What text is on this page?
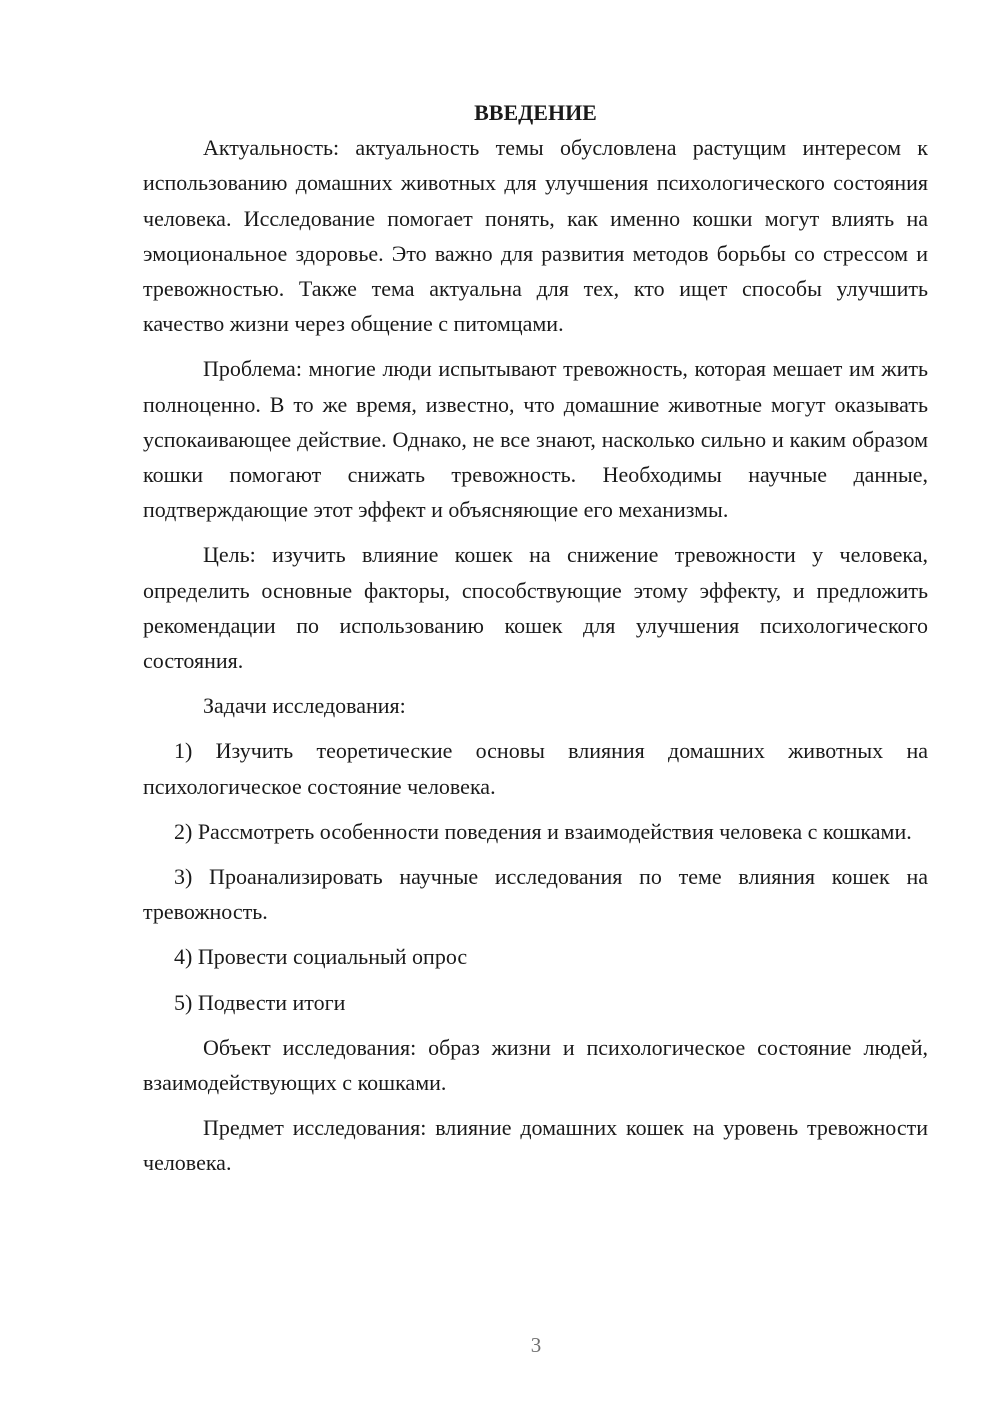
ВВЕДЕНИЕ

Актуальность: актуальность темы обусловлена растущим интересом к использованию домашних животных для улучшения психологического состояния человека. Исследование помогает понять, как именно кошки могут влиять на эмоциональное здоровье. Это важно для развития методов борьбы со стрессом и тревожностью. Также тема актуальна для тех, кто ищет способы улучшить качество жизни через общение с питомцами.

Проблема: многие люди испытывают тревожность, которая мешает им жить полноценно. В то же время, известно, что домашние животные могут оказывать успокаивающее действие. Однако, не все знают, насколько сильно и каким образом кошки помогают снижать тревожность. Необходимы научные данные, подтверждающие этот эффект и объясняющие его механизмы.

Цель: изучить влияние кошек на снижение тревожности у человека, определить основные факторы, способствующие этому эффекту, и предложить рекомендации по использованию кошек для улучшения психологического состояния.

Задачи исследования:

1) Изучить теоретические основы влияния домашних животных на психологическое состояние человека.

2) Рассмотреть особенности поведения и взаимодействия человека с кошками.

3) Проанализировать научные исследования по теме влияния кошек на тревожность.

4) Провести социальный опрос

5) Подвести итоги

Объект исследования: образ жизни и психологическое состояние людей, взаимодействующих с кошками.

Предмет исследования: влияние домашних кошек на уровень тревожности человека.

3
